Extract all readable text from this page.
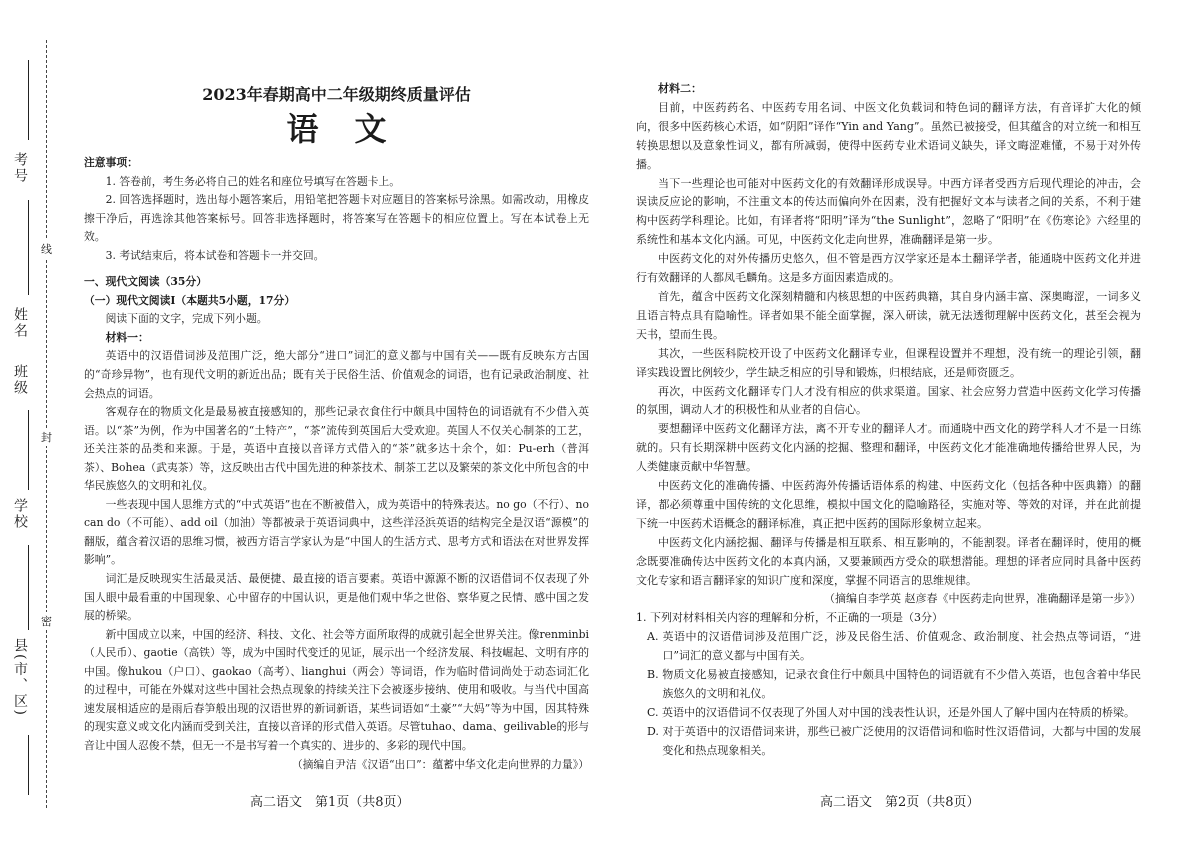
考号
姓名
班级
学校
县(市、区)
线
封
密
2023年春期高中二年级期终质量评估
语文

注意事项：

1. 答卷前，考生务必将自己的姓名和座位号填写在答题卡上。

2. 回答选择题时，选出每小题答案后，用铅笔把答题卡对应题目的答案标号涂黑。如需改动，用橡皮擦干净后，再选涂其他答案标号。回答非选择题时，将答案写在答题卡的相应位置上。写在本试卷上无效。

3. 考试结束后，将本试卷和答题卡一并交回。

一、现代文阅读（35分）

（一）现代文阅读I（本题共5小题，17分）

阅读下面的文字，完成下列小题。

材料一：

英语中的汉语借词涉及范围广泛，绝大部分“进口”词汇的意义都与中国有关——既有反映东方古国的“奇珍异物”，也有现代文明的新近出品；既有关于民俗生活、价值观念的词语，也有记录政治制度、社会热点的词语。

客观存在的物质文化是最易被直接感知的，那些记录衣食住行中颇具中国特色的词语就有不少借入英语。以“茶”为例，作为中国著名的“土特产”，“茶”流传到英国后大受欢迎。英国人不仅关心制茶的工艺，还关注茶的品类和来源。于是，英语中直接以音译方式借入的“茶”就多达十余个，如：Pu-erh（普洱茶）、Bohea（武夷茶）等，这反映出古代中国先进的种茶技术、制茶工艺以及繁荣的茶文化中所包含的中华民族悠久的文明和礼仪。

一些表现中国人思维方式的“中式英语”也在不断被借入，成为英语中的特殊表达。no go（不行）、no can do（不可能）、add oil（加油）等都被录于英语词典中，这些洋泾浜英语的结构完全是汉语“源模”的翻版，蕴含着汉语的思维习惯，被西方语言学家认为是“中国人的生活方式、思考方式和语法在对世界发挥影响”。

词汇是反映现实生活最灵活、最便捷、最直接的语言要素。英语中源源不断的汉语借词不仅表现了外国人眼中最看重的中国现象、心中留存的中国认识，更是他们观中华之世俗、察华夏之民情、感中国之发展的桥梁。

新中国成立以来，中国的经济、科技、文化、社会等方面所取得的成就引起全世界关注。像renminbi（人民币）、gaotie（高铁）等，成为中国时代变迁的见证，展示出一个经济发展、科技崛起、文明有序的中国。像hukou（户口）、gaokao（高考）、lianghui（两会）等词语，作为临时借词尚处于动态词汇化的过程中，可能在外媒对这些中国社会热点现象的持续关注下会被逐步接纳、使用和吸收。与当代中国高速发展相适应的是雨后春笋般出现的汉语世界的新词新语，某些词语如“土豪”“大妈”等为中国，因其特殊的现实意义或文化内涵而受到关注，直接以音译的形式借入英语。尽管tuhao、dama、geilivable的形与音让中国人忍俊不禁，但无一不是书写着一个真实的、进步的、多彩的现代中国。

（摘编自尹洁《汉语“出口”：蕴蓄中华文化走向世界的力量》）

高二语文　第1页（共8页）

材料二：

目前，中医药药名、中医药专用名词、中医文化负载词和特色词的翻译方法，有音译扩大化的倾向，很多中医药核心术语，如“阴阳”译作“Yin and Yang”。虽然已被接受，但其蕴含的对立统一和相互转换思想以及意象性词义，都有所减弱，使得中医药专业术语词义缺失，译文晦涩难懂，不易于对外传播。

当下一些理论也可能对中医药文化的有效翻译形成误导。中西方译者受西方后现代理论的冲击，会误读反应论的影响，不注重文本的传达而偏向外在因素，没有把握好文本与读者之间的关系，不利于建构中医药学科理论。比如，有译者将“阳明”译为“the Sunlight”，忽略了“阳明”在《伤寒论》六经里的系统性和基本文化内涵。可见，中医药文化走向世界，准确翻译是第一步。

中医药文化的对外传播历史悠久，但不管是西方汉学家还是本土翻译学者，能通晓中医药文化并进行有效翻译的人都凤毛麟角。这是多方面因素造成的。

首先，蕴含中医药文化深刻精髓和内核思想的中医药典籍，其自身内涵丰富、深奥晦涩，一词多义且语言特点具有隐喻性。译者如果不能全面掌握，深入研读，就无法透彻理解中医药文化，甚至会视为天书，望而生畏。

其次，一些医科院校开设了中医药文化翻译专业，但课程设置并不理想，没有统一的理论引领，翻译实践设置比例较少，学生缺乏相应的引导和锻炼，归根结底，还是师资匮乏。

再次，中医药文化翻译专门人才没有相应的供求渠道。国家、社会应努力营造中医药文化学习传播的氛围，调动人才的积极性和从业者的自信心。

要想翻译中医药文化翻译方法，离不开专业的翻译人才。而通晓中西文化的跨学科人才不是一日练就的。只有长期深耕中医药文化内涵的挖掘、整理和翻译，中医药文化才能准确地传播给世界人民，为人类健康贡献中华智慧。

中医药文化的准确传播、中医药海外传播话语体系的构建、中医药文化（包括各种中医典籍）的翻译，都必须尊重中国传统的文化思维，模拟中国文化的隐喻路径，实施对等、等效的对译，并在此前提下统一中医药术语概念的翻译标准，真正把中医药的国际形象树立起来。

中医药文化内涵挖掘、翻译与传播是相互联系、相互影响的，不能割裂。译者在翻译时，使用的概念既要准确传达中医药文化的本真内涵，又要兼顾西方受众的联想潜能。理想的译者应同时具备中医药文化专家和语言翻译家的知识广度和深度，掌握不同语言的思维规律。

（摘编自李学英 赵彦春《中医药走向世界，准确翻译是第一步》）

1. 下列对材料相关内容的理解和分析，不正确的一项是（3分）

A. 英语中的汉语借词涉及范围广泛，涉及民俗生活、价值观念、政治制度、社会热点等词语，“进口”词汇的意义都与中国有关。

B. 物质文化易被直接感知，记录衣食住行中颇具中国特色的词语就有不少借入英语，也包含着中华民族悠久的文明和礼仪。

C. 英语中的汉语借词不仅表现了外国人对中国的浅表性认识，还是外国人了解中国内在特质的桥梁。

D. 对于英语中的汉语借词来讲，那些已被广泛使用的汉语借词和临时性汉语借词，大都与中国的发展变化和热点现象相关。

高二语文　第2页（共8页）
